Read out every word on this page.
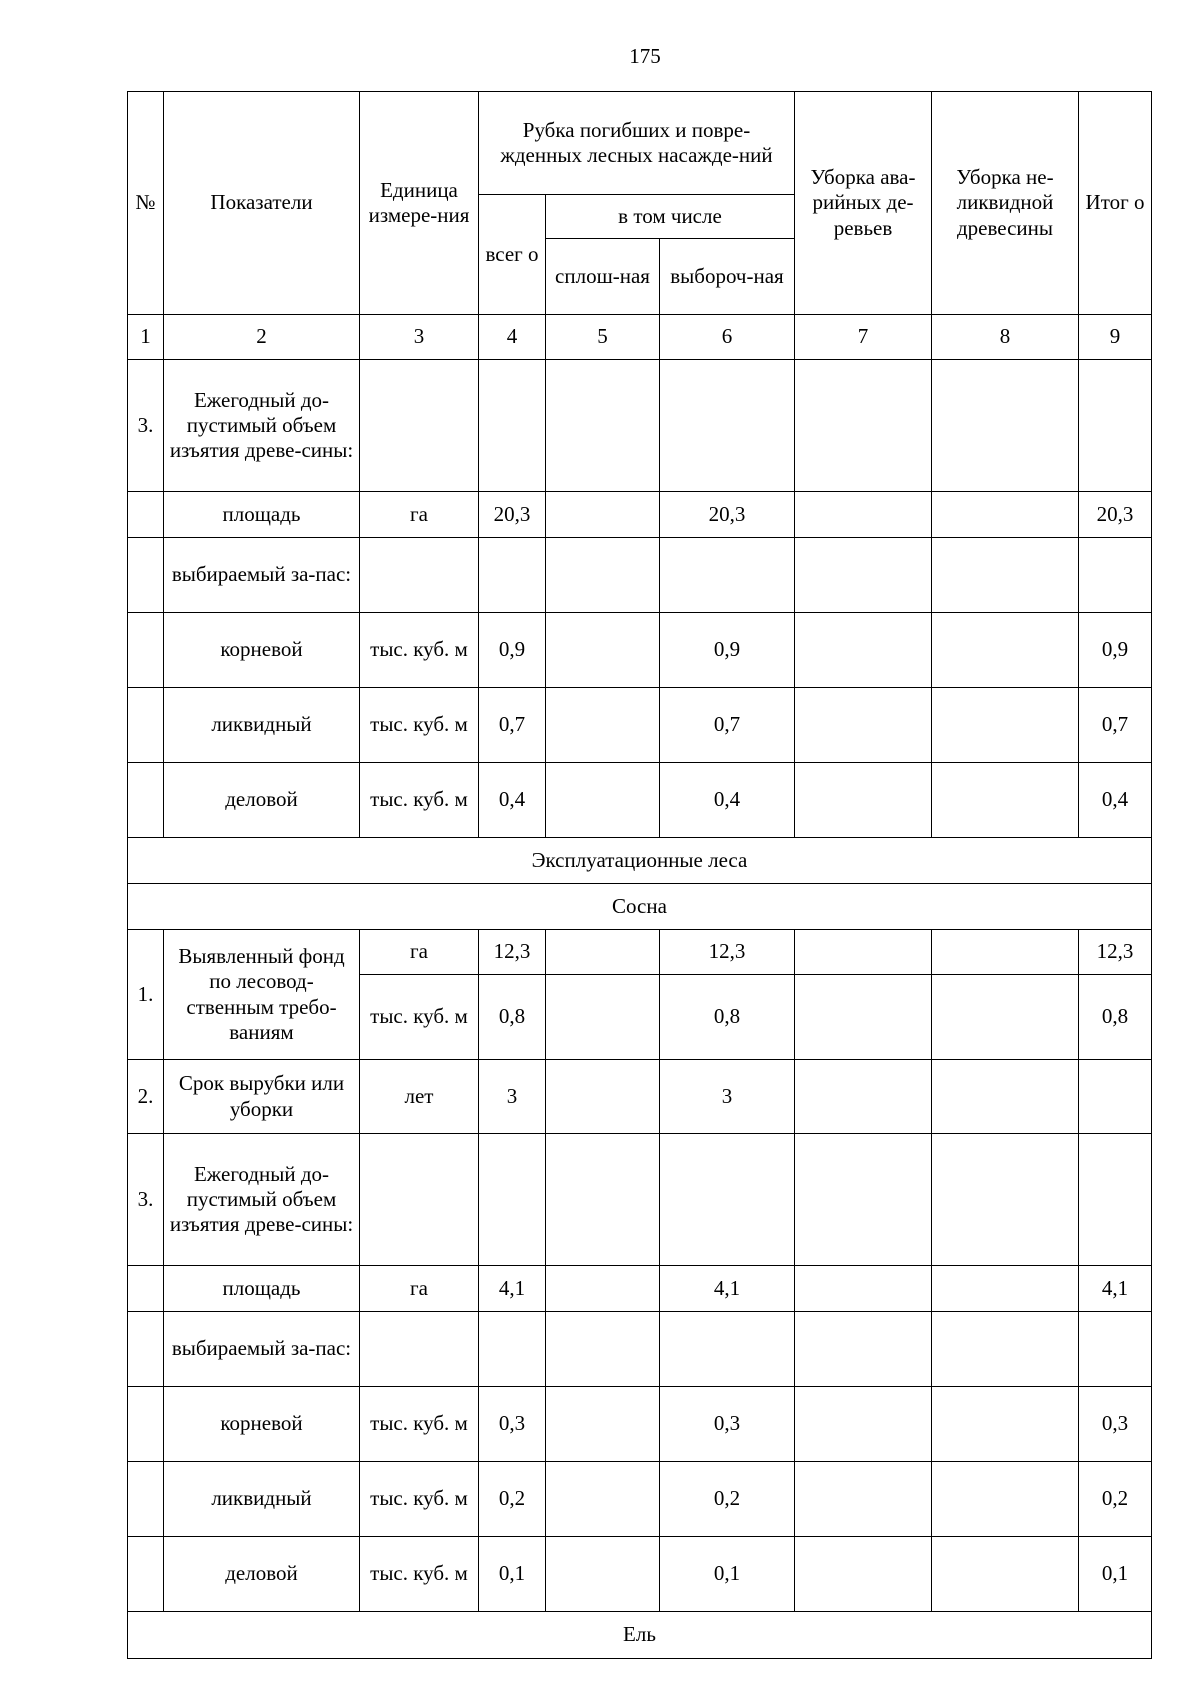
175
№	Показатели	Единица измере-ния	Рубка погибших и повре-жденных лесных насажде-ний			Уборка ава-рийных де-ревьев	Уборка не-ликвидной древесины	Итог о
			всег о	в том числе				
				сплош-ная	выбороч-ная			
1	2	3	4	5	6	7	8	9
3.	Ежегодный до-пустимый объем изъятия древе-сины:							
	площадь	га	20,3		20,3			20,3
	выбираемый за-пас:							
	корневой	тыс. куб. м	0,9		0,9			0,9
	ликвидный	тыс. куб. м	0,7		0,7			0,7
	деловой	тыс. куб. м	0,4		0,4			0,4
Эксплуатационные леса								
Сосна								
1.	Выявленный фонд по лесовод-ственным требо-ваниям	га	12,3		12,3			12,3
		тыс. куб. м	0,8		0,8			0,8
2.	Срок вырубки или уборки	лет	3		3			
3.	Ежегодный до-пустимый объем изъятия древе-сины:							
	площадь	га	4,1		4,1			4,1
	выбираемый за-пас:							
	корневой	тыс. куб. м	0,3		0,3			0,3
	ликвидный	тыс. куб. м	0,2		0,2			0,2
	деловой	тыс. куб. м	0,1		0,1			0,1
Ель								
